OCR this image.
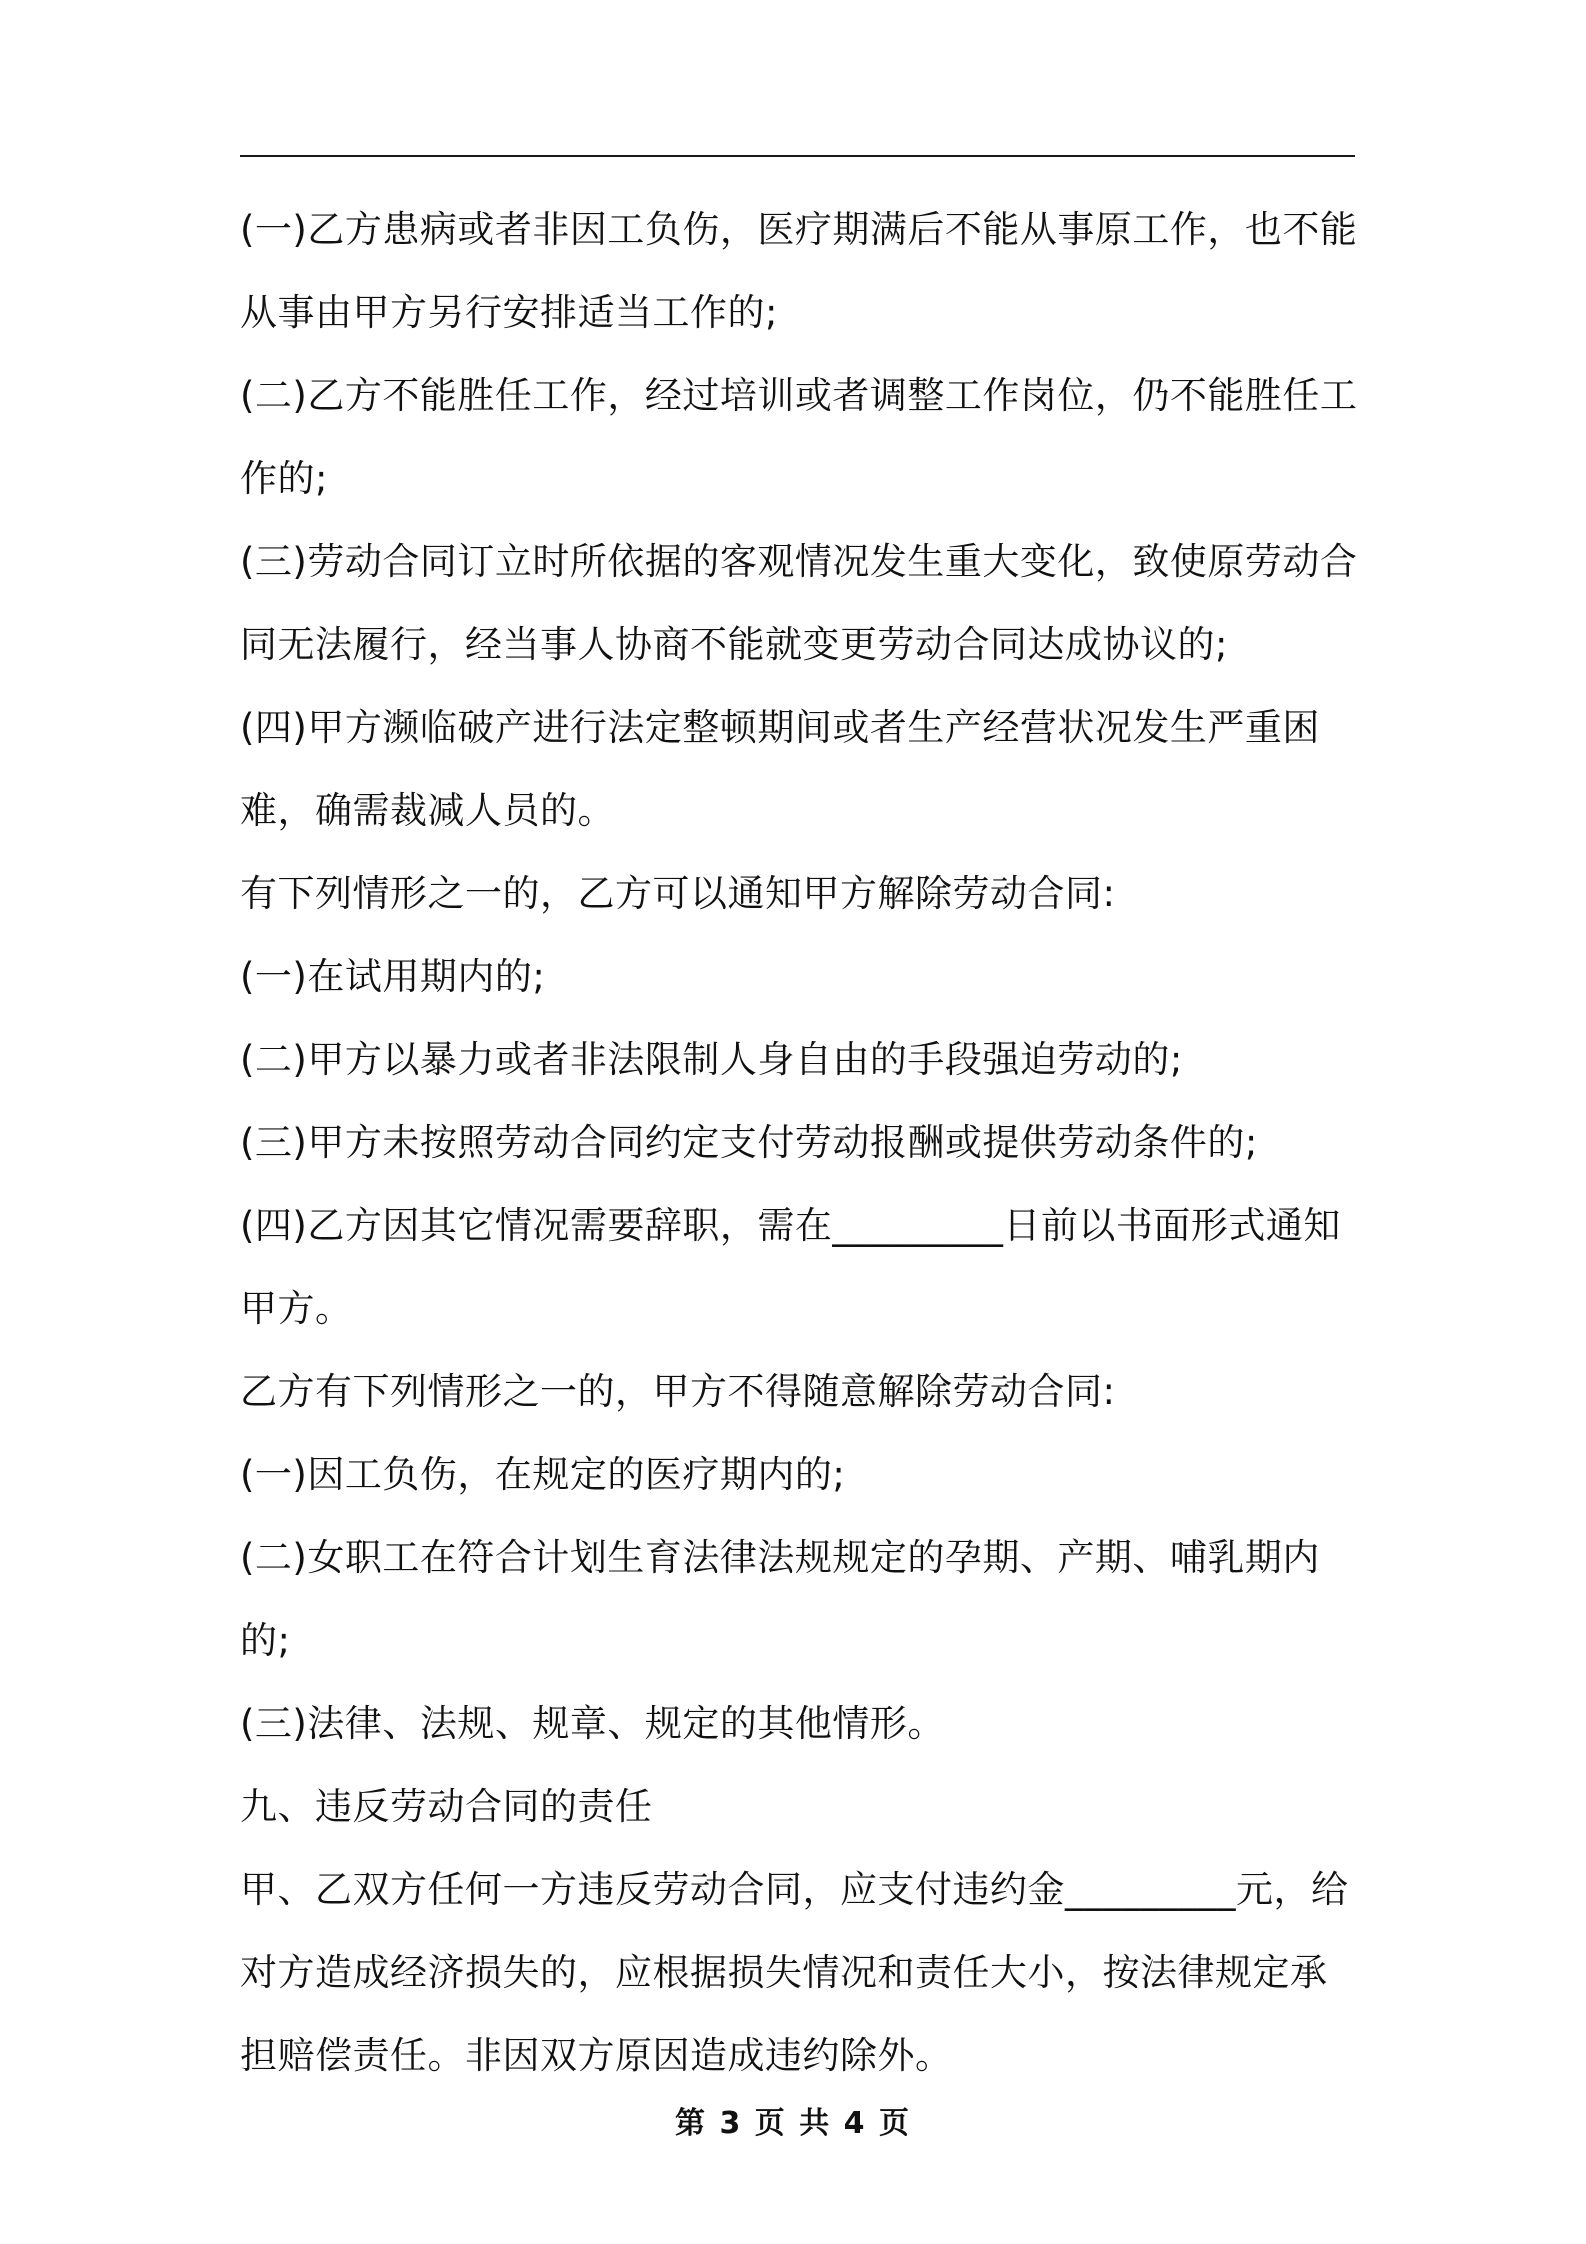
(一)乙方患病或者非因工负伤，医疗期满后不能从事原工作，也不能从事由甲方另行安排适当工作的;

(二)乙方不能胜任工作，经过培训或者调整工作岗位，仍不能胜任工作的;

(三)劳动合同订立时所依据的客观情况发生重大变化，致使原劳动合同无法履行，经当事人协商不能就变更劳动合同达成协议的;

(四)甲方濒临破产进行法定整顿期间或者生产经营状况发生严重困难，确需裁减人员的。

有下列情形之一的，乙方可以通知甲方解除劳动合同:

(一)在试用期内的;

(二)甲方以暴力或者非法限制人身自由的手段强迫劳动的;

(三)甲方未按照劳动合同约定支付劳动报酬或提供劳动条件的;

(四)乙方因其它情况需要辞职，需在_________日前以书面形式通知甲方。

乙方有下列情形之一的，甲方不得随意解除劳动合同:

(一)因工负伤，在规定的医疗期内的;

(二)女职工在符合计划生育法律法规规定的孕期、产期、哺乳期内的;

(三)法律、法规、规章、规定的其他情形。

九、违反劳动合同的责任

甲、乙双方任何一方违反劳动合同，应支付违约金_________元，给对方造成经济损失的，应根据损失情况和责任大小，按法律规定承担赔偿责任。非因双方原因造成违约除外。

第 3 页 共 4 页
